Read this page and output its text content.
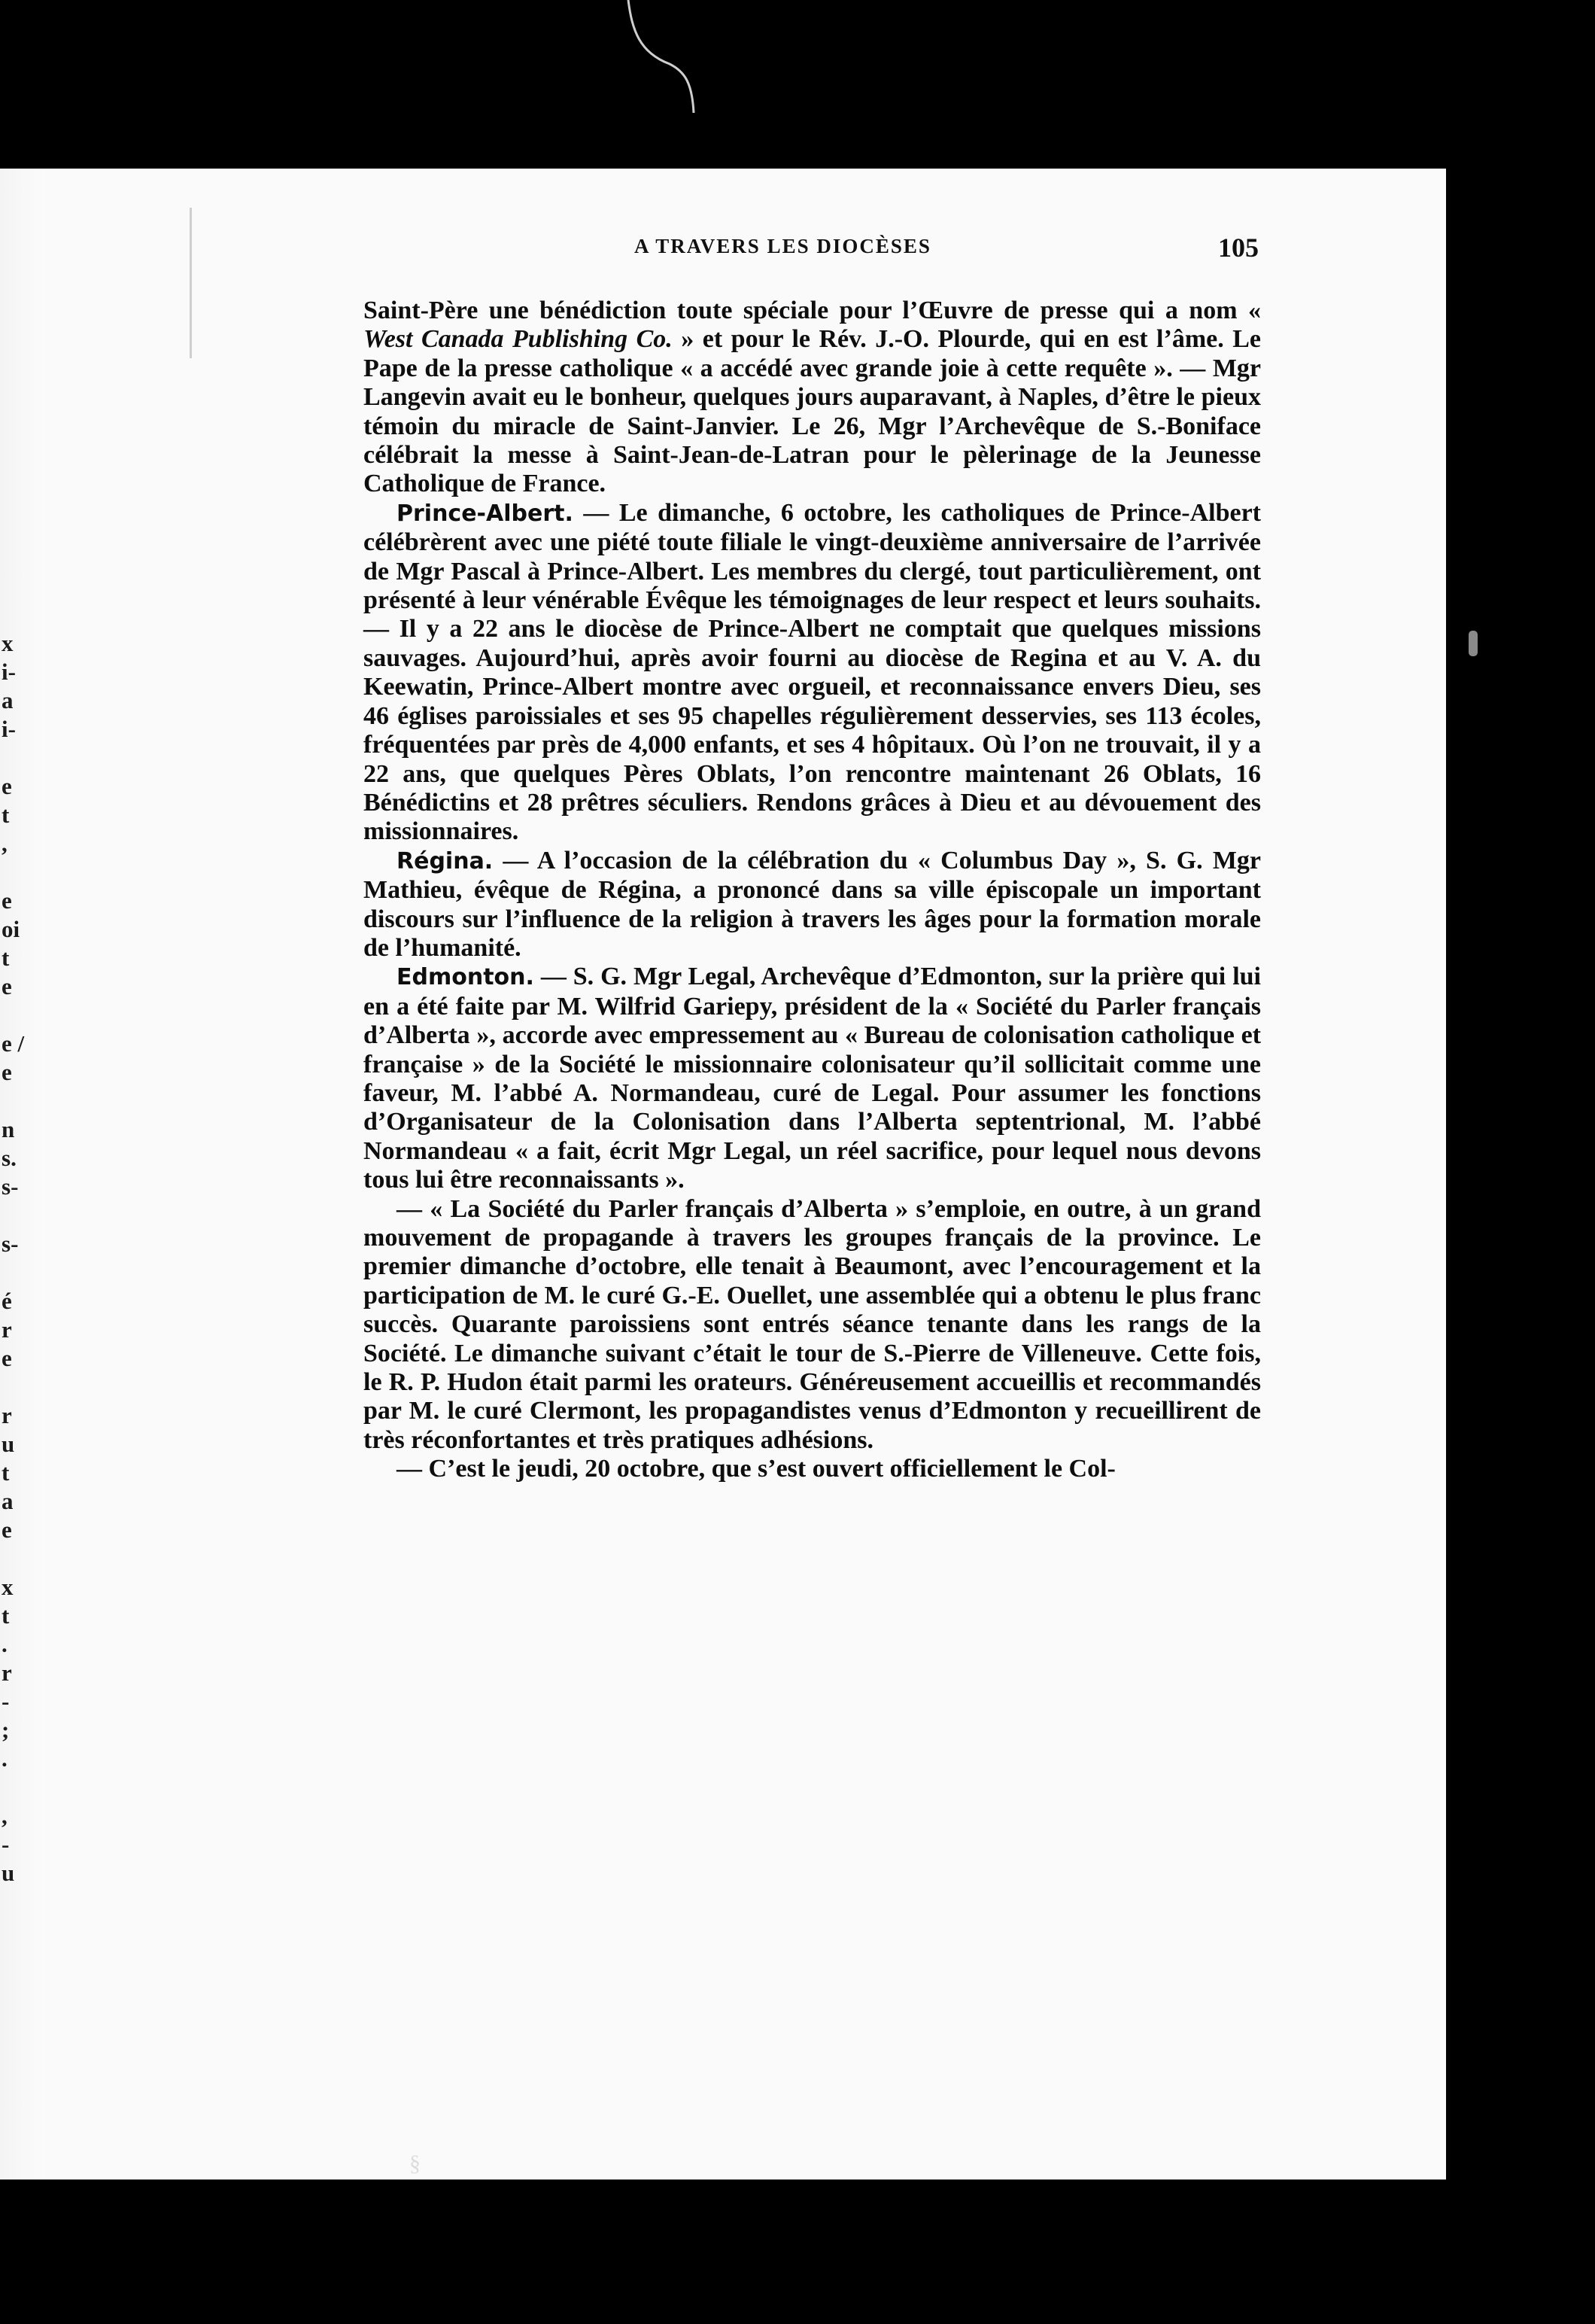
x
i-
a
i-
e
t
,
e
oi
t
e
e /
e
n
s.
s-
s-
é
r
e
r
u
t
a
e
x
t
.
r
-
;
.
,
-
u
A TRAVERS LES DIOCÈSES	105

Saint-Père une bénédiction toute spéciale pour l’Œuvre de presse qui a nom « West Canada Publishing Co. » et pour le Rév. J.-O. Plourde, qui en est l’âme. Le Pape de la presse catholique « a accédé avec grande joie à cette requête ». — Mgr Langevin avait eu le bonheur, quelques jours auparavant, à Naples, d’être le pieux témoin du miracle de Saint-Janvier. Le 26, Mgr l’Archevêque de S.-Boniface célébrait la messe à Saint-Jean-de-Latran pour le pèlerinage de la Jeunesse Catholique de France.

Prince-Albert. — Le dimanche, 6 octobre, les catholiques de Prince-Albert célébrèrent avec une piété toute filiale le vingt-deuxième anniversaire de l’arrivée de Mgr Pascal à Prince-Albert. Les membres du clergé, tout particulièrement, ont présenté à leur vénérable Évêque les témoignages de leur respect et leurs souhaits. — Il y a 22 ans le diocèse de Prince-Albert ne comptait que quelques missions sauvages. Aujourd’hui, après avoir fourni au diocèse de Regina et au V. A. du Keewatin, Prince-Albert montre avec orgueil, et reconnaissance envers Dieu, ses 46 églises paroissiales et ses 95 chapelles régulièrement desservies, ses 113 écoles, fréquentées par près de 4,000 enfants, et ses 4 hôpitaux. Où l’on ne trouvait, il y a 22 ans, que quelques Pères Oblats, l’on rencontre maintenant 26 Oblats, 16 Bénédictins et 28 prêtres séculiers. Rendons grâces à Dieu et au dévouement des missionnaires.

Régina. — A l’occasion de la célébration du « Columbus Day », S. G. Mgr Mathieu, évêque de Régina, a prononcé dans sa ville épiscopale un important discours sur l’influence de la religion à travers les âges pour la formation morale de l’humanité.

Edmonton. — S. G. Mgr Legal, Archevêque d’Edmonton, sur la prière qui lui en a été faite par M. Wilfrid Gariepy, président de la « Société du Parler français d’Alberta », accorde avec empressement au « Bureau de colonisation catholique et française » de la Société le missionnaire colonisateur qu’il sollicitait comme une faveur, M. l’abbé A. Normandeau, curé de Legal. Pour assumer les fonctions d’Organisateur de la Colonisation dans l’Alberta septentrional, M. l’abbé Normandeau « a fait, écrit Mgr Legal, un réel sacrifice, pour lequel nous devons tous lui être reconnaissants ».

— « La Société du Parler français d’Alberta » s’emploie, en outre, à un grand mouvement de propagande à travers les groupes français de la province. Le premier dimanche d’octobre, elle tenait à Beaumont, avec l’encouragement et la participation de M. le curé G.-E. Ouellet, une assemblée qui a obtenu le plus franc succès. Quarante paroissiens sont entrés séance tenante dans les rangs de la Société. Le dimanche suivant c’était le tour de S.-Pierre de Villeneuve. Cette fois, le R. P. Hudon était parmi les orateurs. Généreusement accueillis et recommandés par M. le curé Clermont, les propagandistes venus d’Edmonton y recueillirent de très réconfortantes et très pratiques adhésions.

— C’est le jeudi, 20 octobre, que s’est ouvert officiellement le Col-

§
